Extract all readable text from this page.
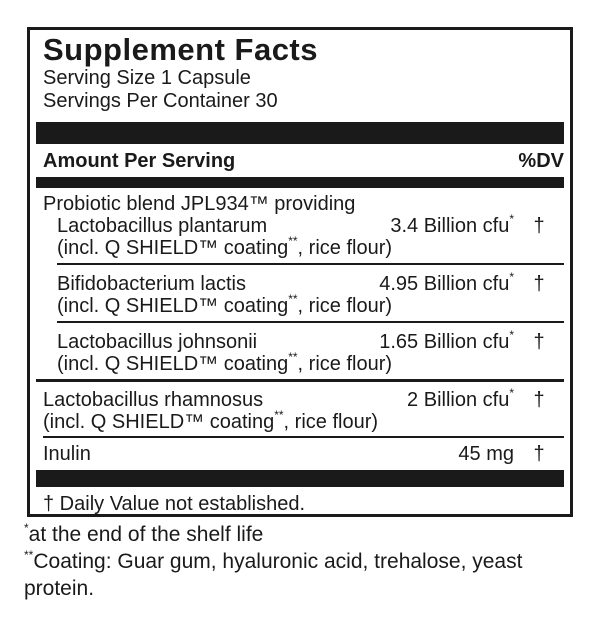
Supplement Facts
Serving Size 1 Capsule
Servings Per Container 30
Amount Per Serving	%DV
Probiotic blend JPL934™ providing
Lactobacillus plantarum	3.4 Billion cfu* †
(incl. Q SHIELD™ coating**, rice flour)
Bifidobacterium lactis	4.95 Billion cfu* †
(incl. Q SHIELD™ coating**, rice flour)
Lactobacillus johnsonii	1.65 Billion cfu* †
(incl. Q SHIELD™ coating**, rice flour)
Lactobacillus rhamnosus	2 Billion cfu* †
(incl. Q SHIELD™ coating**, rice flour)
Inulin	45 mg †
† Daily Value not established.
*at the end of the shelf life
**Coating: Guar gum, hyaluronic acid, trehalose, yeast protein.
